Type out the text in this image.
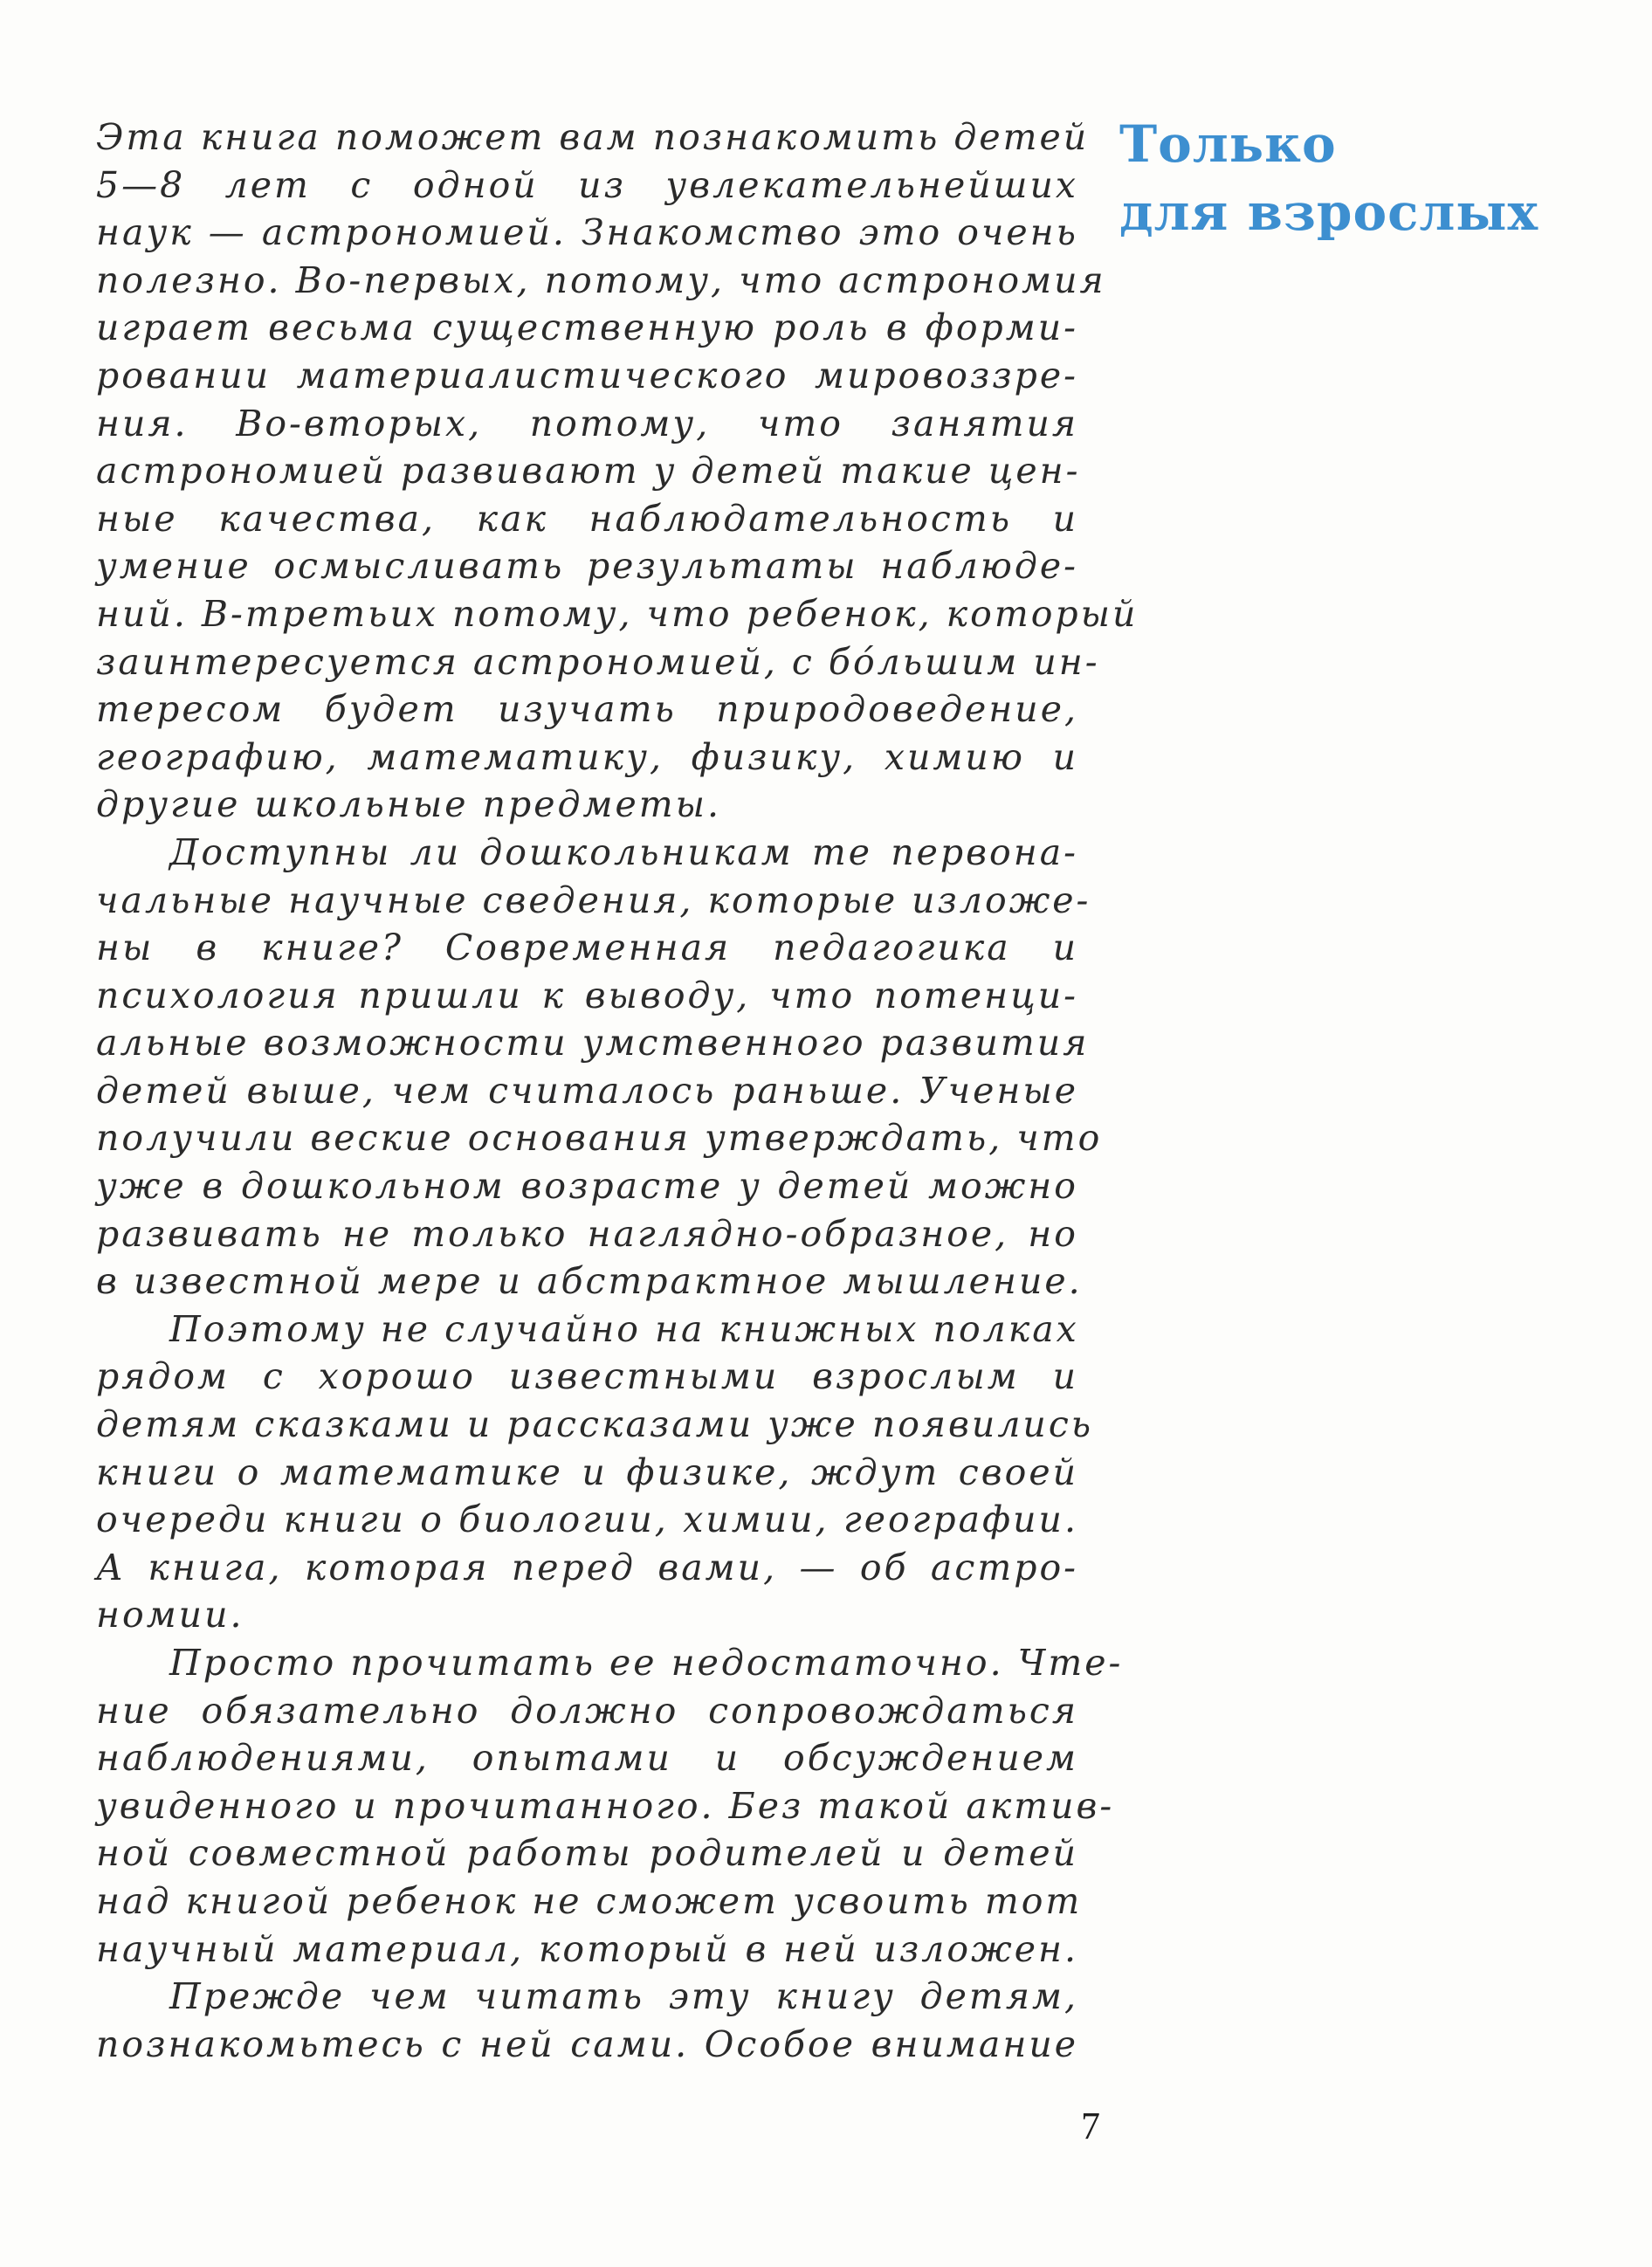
Только
для взрослых
Эта книга поможет вам познакомить детей
5—8 лет с одной из увлекательнейших
наук — астрономией. Знакомство это очень
полезно. Во-первых, потому, что астрономия
играет весьма существенную роль в форми-
ровании материалистического мировоззре-
ния. Во-вторых, потому, что занятия
астрономией развивают у детей такие цен-
ные качества, как наблюдательность и
умение осмысливать результаты наблюде-
ний. В-третьих потому, что ребенок, который
заинтересуется астрономией, с бо́льшим ин-
тересом будет изучать природоведение,
географию, математику, физику, химию и
другие школьные предметы.
Доступны ли дошкольникам те первона-
чальные научные сведения, которые изложе-
ны в книге? Современная педагогика и
психология пришли к выводу, что потенци-
альные возможности умственного развития
детей выше, чем считалось раньше. Ученые
получили веские основания утверждать, что
уже в дошкольном возрасте у детей можно
развивать не только наглядно-образное, но
в известной мере и абстрактное мышление.
Поэтому не случайно на книжных полках
рядом с хорошо известными взрослым и
детям сказками и рассказами уже появились
книги о математике и физике, ждут своей
очереди книги о биологии, химии, географии.
А книга, которая перед вами, — об астро-
номии.
Просто прочитать ее недостаточно. Чте-
ние обязательно должно сопровождаться
наблюдениями, опытами и обсуждением
увиденного и прочитанного. Без такой актив-
ной совместной работы родителей и детей
над книгой ребенок не сможет усвоить тот
научный материал, который в ней изложен.
Прежде чем читать эту книгу детям,
познакомьтесь с ней сами. Особое внимание
7
